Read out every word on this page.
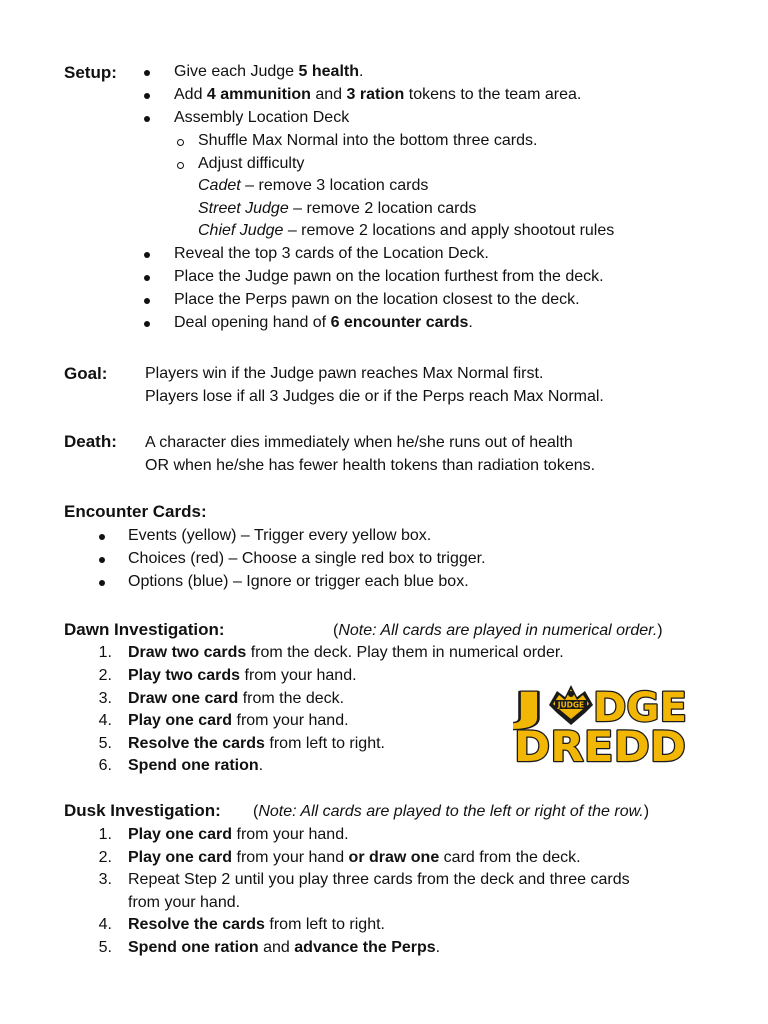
Setup:	Give each Judge 5 health.
Add 4 ammunition and 3 ration tokens to the team area.
Assembly Location Deck
Shuffle Max Normal into the bottom three cards.
Adjust difficulty
Cadet – remove 3 location cards
Street Judge – remove 2 location cards
Chief Judge – remove 2 locations and apply shootout rules
Reveal the top 3 cards of the Location Deck.
Place the Judge pawn on the location furthest from the deck.
Place the Perps pawn on the location closest to the deck.
Deal opening hand of 6 encounter cards.
Goal: Players win if the Judge pawn reaches Max Normal first.
Players lose if all 3 Judges die or if the Perps reach Max Normal.
Death: A character dies immediately when he/she runs out of health
OR when he/she has fewer health tokens than radiation tokens.
Encounter Cards:
Events (yellow) – Trigger every yellow box.
Choices (red) – Choose a single red box to trigger.
Options (blue) – Ignore or trigger each blue box.
Dawn Investigation:	(Note: All cards are played in numerical order.)
1. Draw two cards from the deck. Play them in numerical order.
2. Play two cards from your hand.
3. Draw one card from the deck.
4. Play one card from your hand.
5. Resolve the cards from left to right.
6. Spend one ration.
J DGE
JUDGE
DREDD
Dusk Investigation: (Note: All cards are played to the left or right of the row.)
1. Play one card from your hand.
2. Play one card from your hand or draw one card from the deck.
3. Repeat Step 2 until you play three cards from the deck and three cards
from your hand.
4. Resolve the cards from left to right.
5. Spend one ration and advance the Perps.
